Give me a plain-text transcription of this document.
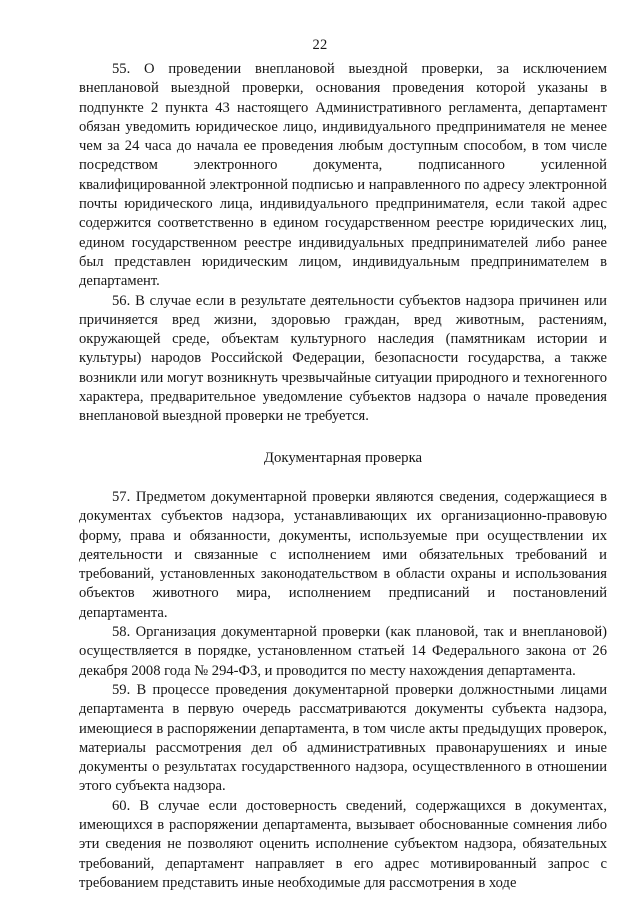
22

55. О проведении внеплановой выездной проверки, за исключением внеплановой выездной проверки, основания проведения которой указаны в подпункте 2 пункта 43 настоящего Административного регламента, департамент обязан уведомить юридическое лицо, индивидуального предпринимателя не менее чем за 24 часа до начала ее проведения любым доступным способом, в том числе посредством электронного документа, подписанного усиленной квалифицированной электронной подписью и направленного по адресу электронной почты юридического лица, индивидуального предпринимателя, если такой адрес содержится соответственно в едином государственном реестре юридических лиц, едином государственном реестре индивидуальных предпринимателей либо ранее был представлен юридическим лицом, индивидуальным предпринимателем в департамент.

56. В случае если в результате деятельности субъектов надзора причинен или причиняется вред жизни, здоровью граждан, вред животным, растениям, окружающей среде, объектам культурного наследия (памятникам истории и культуры) народов Российской Федерации, безопасности государства, а также возникли или могут возникнуть чрезвычайные ситуации природного и техногенного характера, предварительное уведомление субъектов надзора о начале проведения внеплановой выездной проверки не требуется.

Документарная проверка

57. Предметом документарной проверки являются сведения, содержащиеся в документах субъектов надзора, устанавливающих их организационно-правовую форму, права и обязанности, документы, используемые при осуществлении их деятельности и связанные с исполнением ими обязательных требований и требований, установленных законодательством в области охраны и использования объектов животного мира, исполнением предписаний и постановлений департамента.

58. Организация документарной проверки (как плановой, так и внеплановой) осуществляется в порядке, установленном статьей 14 Федерального закона от 26 декабря 2008 года № 294-ФЗ, и проводится по месту нахождения департамента.

59. В процессе проведения документарной проверки должностными лицами департамента в первую очередь рассматриваются документы субъекта надзора, имеющиеся в распоряжении департамента, в том числе акты предыдущих проверок, материалы рассмотрения дел об административных правонарушениях и иные документы о результатах государственного надзора, осуществленного в отношении этого субъекта надзора.

60. В случае если достоверность сведений, содержащихся в документах, имеющихся в распоряжении департамента, вызывает обоснованные сомнения либо эти сведения не позволяют оценить исполнение субъектом надзора, обязательных требований, департамент направляет в его адрес мотивированный запрос с требованием представить иные необходимые для рассмотрения в ходе
